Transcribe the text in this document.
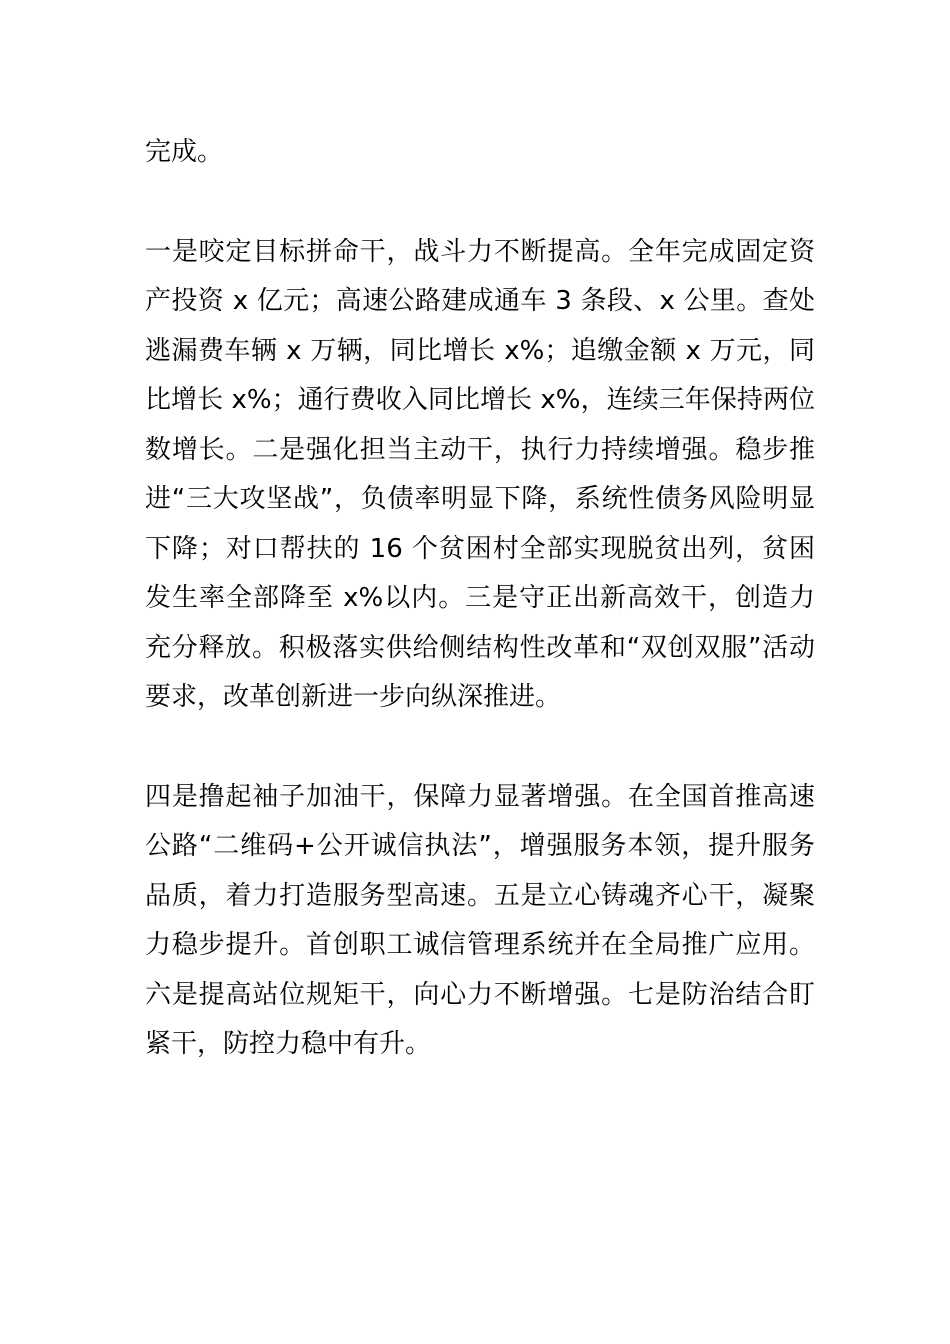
完成。

一是咬定目标拼命干，战斗力不断提高。全年完成固定资产投资 x 亿元；高速公路建成通车 3 条段、x 公里。查处逃漏费车辆 x 万辆，同比增长 x%；追缴金额 x 万元，同比增长 x%；通行费收入同比增长 x%，连续三年保持两位数增长。二是强化担当主动干，执行力持续增强。稳步推进“三大攻坚战”，负债率明显下降，系统性债务风险明显下降；对口帮扶的 16 个贫困村全部实现脱贫出列，贫困发生率全部降至 x%以内。三是守正出新高效干，创造力充分释放。积极落实供给侧结构性改革和“双创双服”活动要求，改革创新进一步向纵深推进。

四是撸起袖子加油干，保障力显著增强。在全国首推高速公路“二维码+公开诚信执法”，增强服务本领，提升服务品质，着力打造服务型高速。五是立心铸魂齐心干，凝聚力稳步提升。首创职工诚信管理系统并在全局推广应用。六是提高站位规矩干，向心力不断增强。七是防治结合盯紧干，防控力稳中有升。
